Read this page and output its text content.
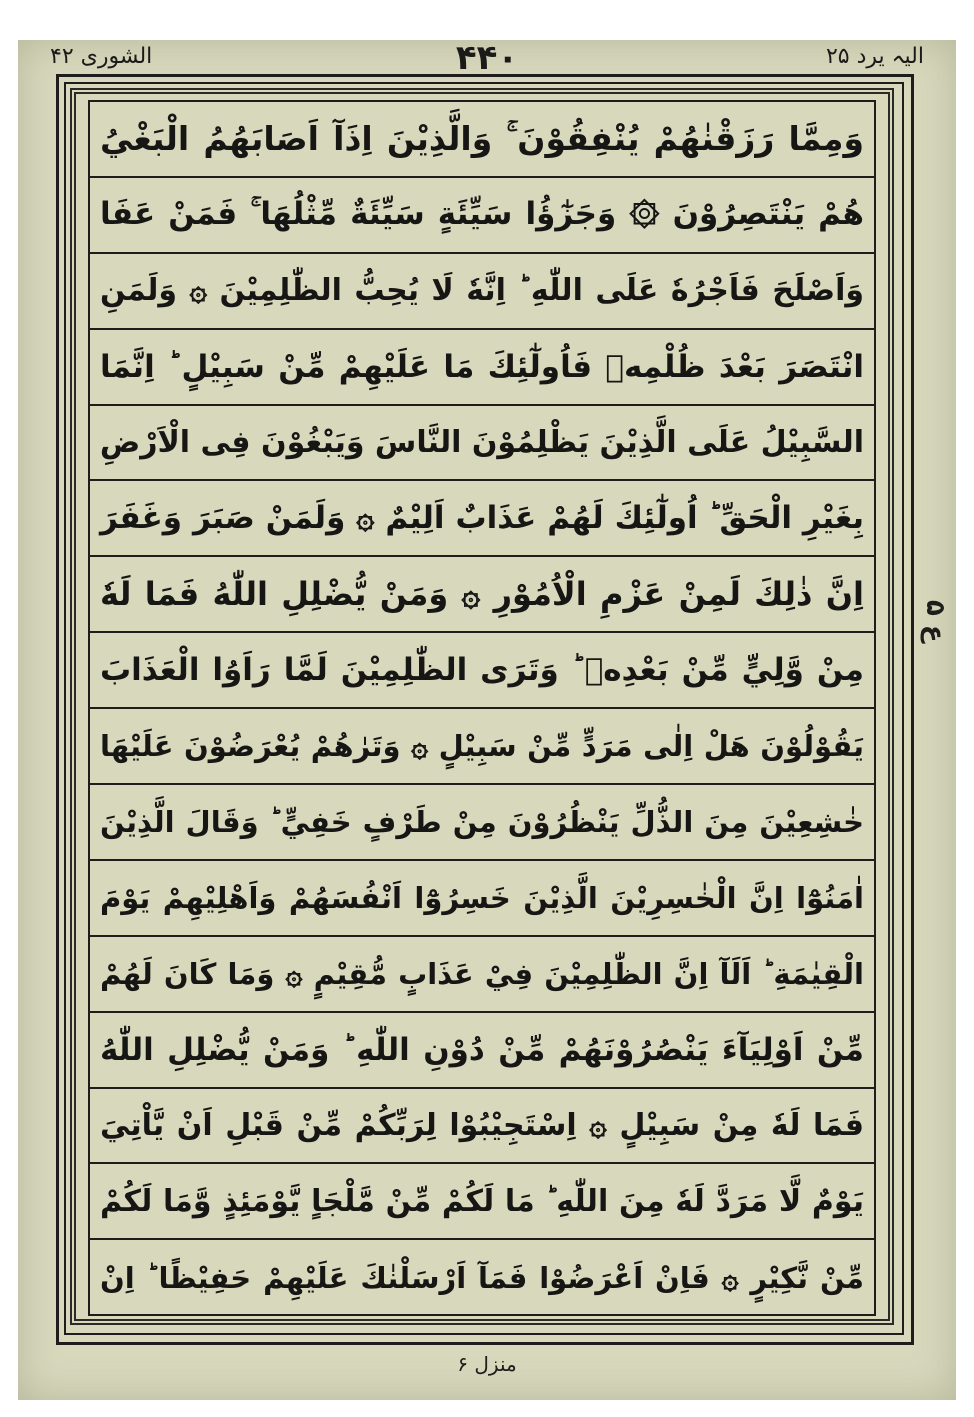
الیہ یرد ۲۵
۴۴۰
الشوری ۴۲
وَمِمَّا رَزَقْنٰهُمْ يُنْفِقُوْنَ ۚ وَالَّذِيْنَ اِذَآ اَصَابَهُمُ الْبَغْيُ
هُمْ يَنْتَصِرُوْنَ ۞ وَجَزٰٓؤُا سَيِّئَةٍ سَيِّئَةٌ مِّثْلُهَا ۚ فَمَنْ عَفَا
وَاَصْلَحَ فَاَجْرُهٗ عَلَى اللّٰهِ ؕ اِنَّهٗ لَا يُحِبُّ الظّٰلِمِيْنَ ۞ وَلَمَنِ
انْتَصَرَ بَعْدَ ظُلْمِهٖ فَاُولٰٓئِكَ مَا عَلَيْهِمْ مِّنْ سَبِيْلٍ ؕ اِنَّمَا
السَّبِيْلُ عَلَى الَّذِيْنَ يَظْلِمُوْنَ النَّاسَ وَيَبْغُوْنَ فِى الْاَرْضِ
بِغَيْرِ الْحَقِّ ؕ اُولٰٓئِكَ لَهُمْ عَذَابٌ اَلِيْمٌ ۞ وَلَمَنْ صَبَرَ وَغَفَرَ
اِنَّ ذٰلِكَ لَمِنْ عَزْمِ الْاُمُوْرِ ۞ وَمَنْ يُّضْلِلِ اللّٰهُ فَمَا لَهٗ
مِنْ وَّلِيٍّ مِّنْ بَعْدِهٖ ؕ وَتَرَى الظّٰلِمِيْنَ لَمَّا رَاَوُا الْعَذَابَ
يَقُوْلُوْنَ هَلْ اِلٰى مَرَدٍّ مِّنْ سَبِيْلٍ ۞ وَتَرٰهُمْ يُعْرَضُوْنَ عَلَيْهَا
خٰشِعِيْنَ مِنَ الذُّلِّ يَنْظُرُوْنَ مِنْ طَرْفٍ خَفِيٍّ ؕ وَقَالَ الَّذِيْنَ
اٰمَنُوْٓا اِنَّ الْخٰسِرِيْنَ الَّذِيْنَ خَسِرُوْٓا اَنْفُسَهُمْ وَاَهْلِيْهِمْ يَوْمَ
الْقِيٰمَةِ ؕ اَلَآ اِنَّ الظّٰلِمِيْنَ فِيْ عَذَابٍ مُّقِيْمٍ ۞ وَمَا كَانَ لَهُمْ
مِّنْ اَوْلِيَآءَ يَنْصُرُوْنَهُمْ مِّنْ دُوْنِ اللّٰهِ ؕ وَمَنْ يُّضْلِلِ اللّٰهُ
فَمَا لَهٗ مِنْ سَبِيْلٍ ۞ اِسْتَجِيْبُوْا لِرَبِّكُمْ مِّنْ قَبْلِ اَنْ يَّاْتِيَ
يَوْمٌ لَّا مَرَدَّ لَهٗ مِنَ اللّٰهِ ؕ مَا لَكُمْ مِّنْ مَّلْجَاٍ يَّوْمَئِذٍ وَّمَا لَكُمْ
مِّنْ نَّكِيْرٍ ۞ فَاِنْ اَعْرَضُوْا فَمَآ اَرْسَلْنٰكَ عَلَيْهِمْ حَفِيْظًا ؕ اِنْ
ع ۵
منزل ۶
